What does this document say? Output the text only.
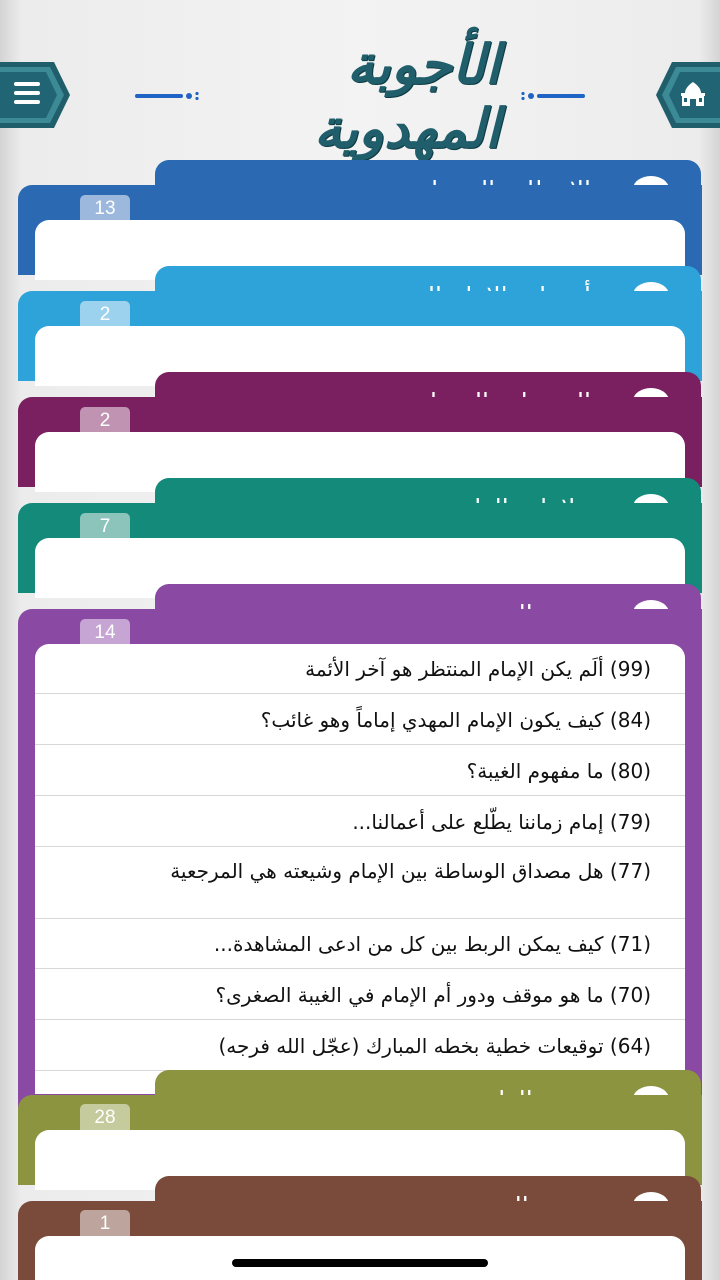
الأجوبة المهدوية
13
2
2
7
14
(99) ألَم يكن الإمام المنتظر هو آخر الأئمة
(84) كيف يكون الإمام المهدي إماماً وهو غائب؟
(80) ما مفهوم الغيبة؟
(79) إمام زماننا يطّلع على أعمالنا...
(77) هل مصداق الوساطة بين الإمام وشيعته هي المرجعية
(71) كيف يمكن الربط بين كل من ادعى المشاهدة...
(70) ما هو موقف ودور أم الإمام في الغيبة الصغرى؟
(64) توقيعات خطية بخطه المبارك (عجّل الله فرجه)
28
1
